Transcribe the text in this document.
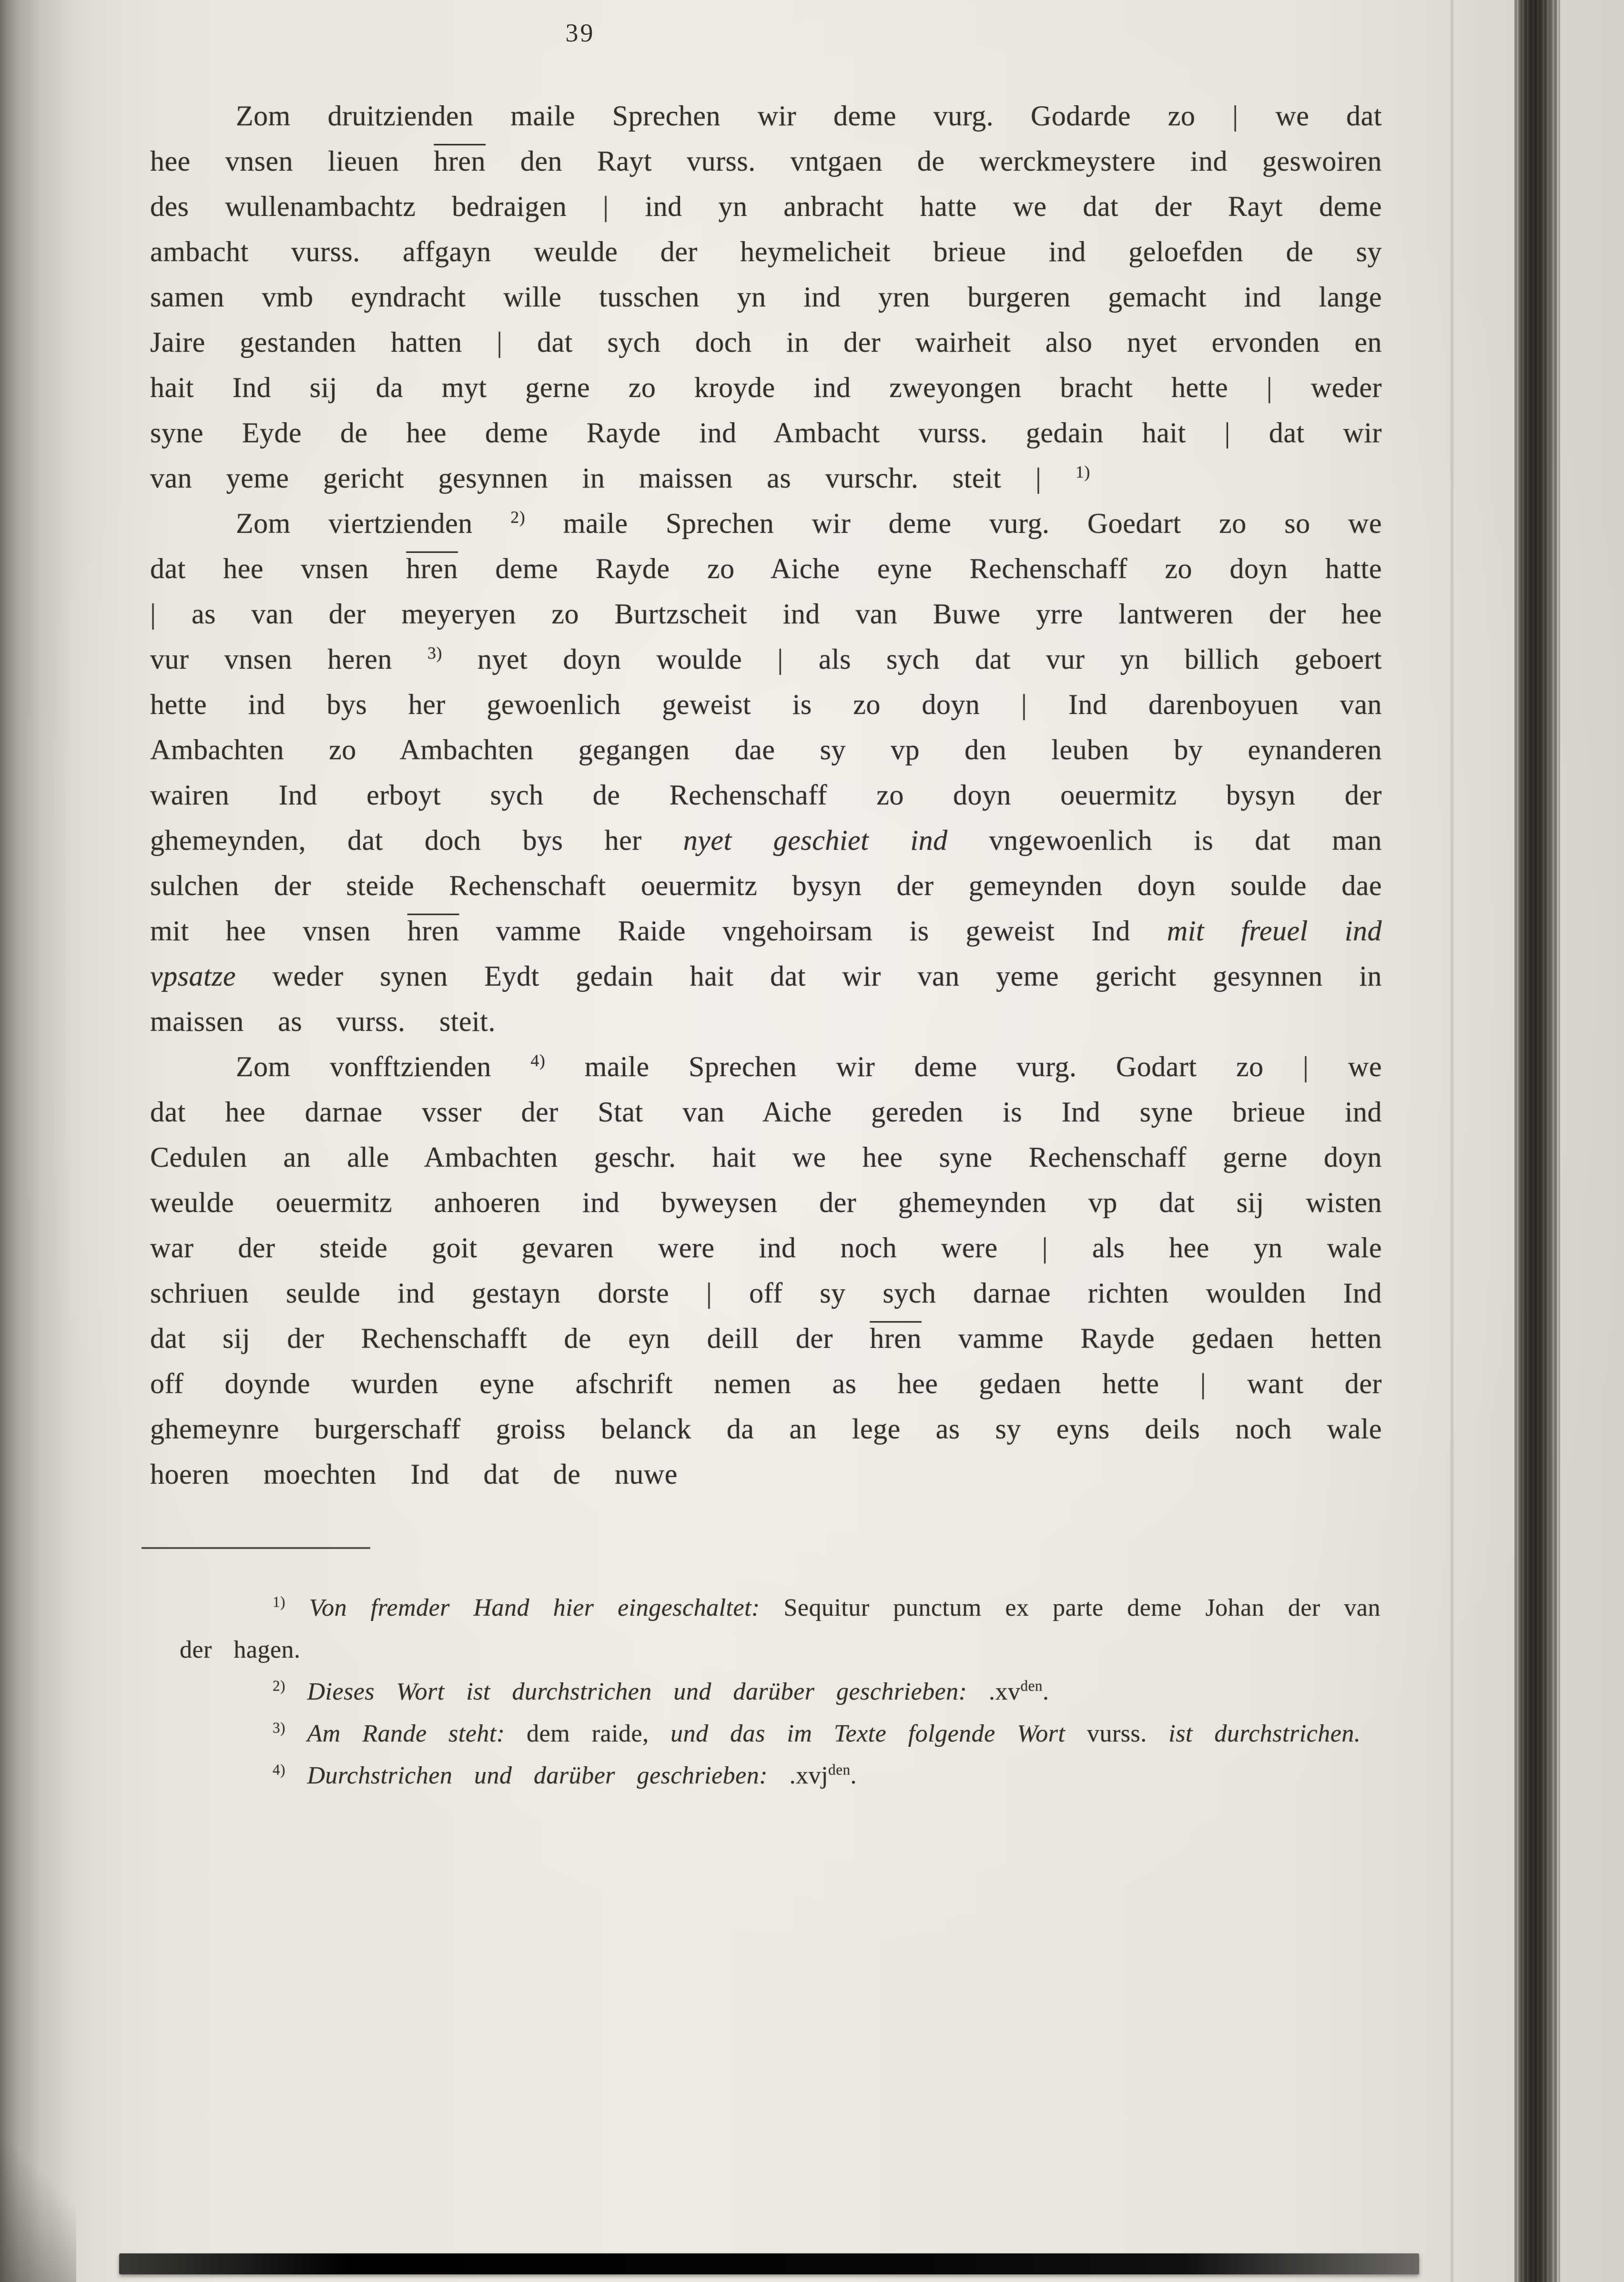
39

Zom druitzienden maile Sprechen wir deme vurg. Godarde zo | we dat hee vnsen lieuen hren den Rayt vurss. vntgaen de werckmeystere ind geswoiren des wullenambachtz bedraigen | ind yn anbracht hatte we dat der Rayt deme ambacht vurss. affgayn weulde der heymelicheit brieue ind geloefden de sy samen vmb eyndracht wille tusschen yn ind yren burgeren gemacht ind lange Jaire gestanden hatten | dat sych doch in der wairheit also nyet ervonden en hait Ind sij da myt gerne zo kroyde ind zweyongen bracht hette | weder syne Eyde de hee deme Rayde ind Ambacht vurss. gedain hait | dat wir van yeme gericht gesynnen in maissen as vurschr. steit | $^{1)}$

Zom viertzienden $^{2)}$ maile Sprechen wir deme vurg. Goedart zo so we dat hee vnsen hren deme Rayde zo Aiche eyne Rechenschaff zo doyn hatte | as van der meyeryen zo Burtzscheit ind van Buwe yrre lantweren der hee vur vnsen heren $^{3)}$ nyet doyn woulde | als sych dat vur yn billich geboert hette ind bys her gewoenlich geweist is zo doyn | Ind darenboyuen van Ambachten zo Ambachten gegangen dae sy vp den leuben by eynanderen wairen Ind erboyt sych de Rechenschaff zo doyn oeuermitz bysyn der ghemeynden, dat doch bys her nyet geschiet ind vngewoenlich is dat man sulchen der steide Rechenschaft oeuermitz bysyn der gemeynden doyn soulde dae mit hee vnsen hren vamme Raide vngehoirsam is geweist Ind mit freuel ind vpsatze weder synen Eydt gedain hait dat wir van yeme gericht gesynnen in maissen as vurss. steit.

Zom vonfftzienden $^{4)}$ maile Sprechen wir deme vurg. Godart zo | we dat hee darnae vsser der Stat van Aiche gereden is Ind syne brieue ind Cedulen an alle Ambachten geschr. hait we hee syne Rechenschaff gerne doyn weulde oeuermitz anhoeren ind byweysen der ghemeynden vp dat sij wisten war der steide goit gevaren were ind noch were | als hee yn wale schriuen seulde ind gestayn dorste | off sy sych darnae richten woulden Ind dat sij der Rechenschafft de eyn deill der hren vamme Rayde gedaen hetten off doynde wurden eyne afschrift nemen as hee gedaen hette | want der ghemeynre burgerschaff groiss belanck da an lege as sy eyns deils noch wale hoeren moechten Ind dat de nuwe

$^{1)}$ Von fremder Hand hier eingeschaltet: Sequitur punctum ex parte deme Johan der van der hagen.

$^{2)}$ Dieses Wort ist durchstrichen und darüber geschrieben: $.xv^{den}$.

$^{3)}$ Am Rande steht: dem raide, und das im Texte folgende Wort vurss. ist durchstrichen.

$^{4)}$ Durchstrichen und darüber geschrieben: .xvj$^{den}$.
